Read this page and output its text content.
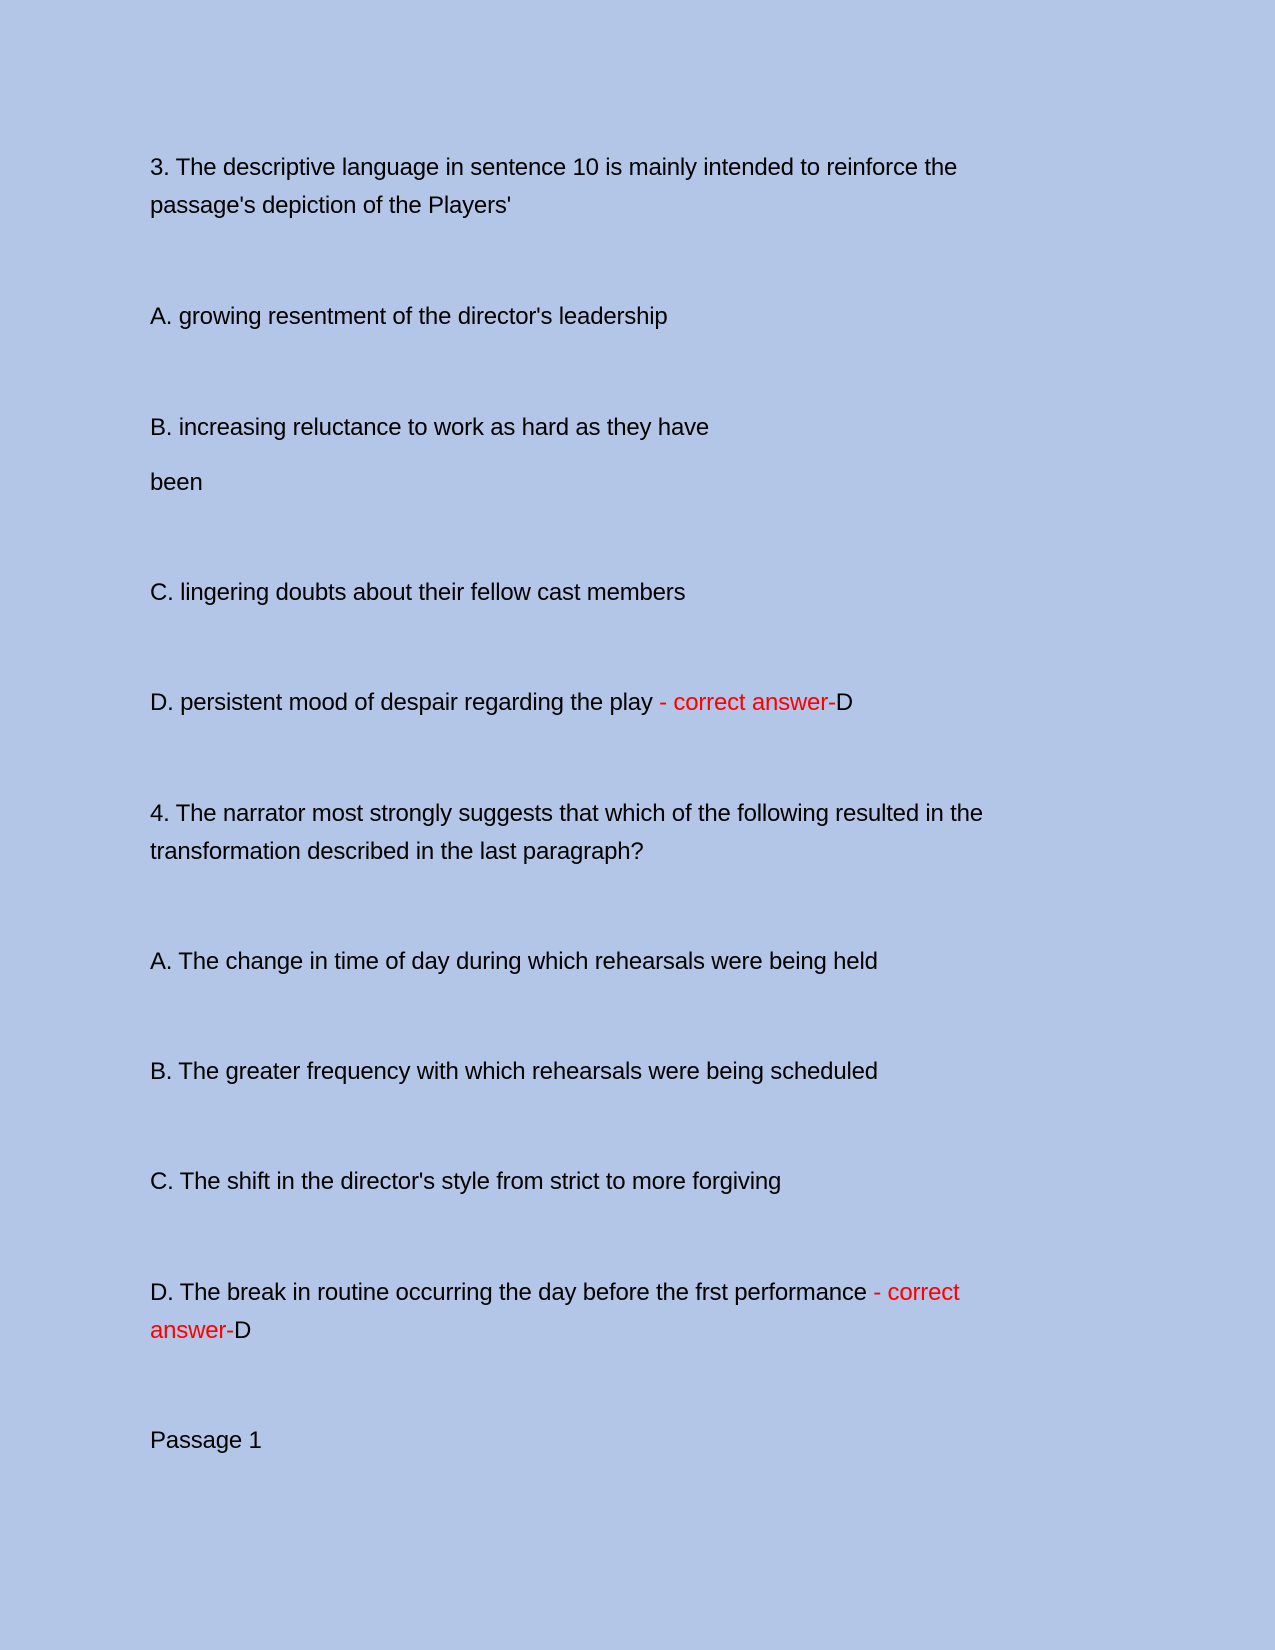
3. The descriptive language in sentence 10 is mainly intended to reinforce the
passage's depiction of the Players'
A. growing resentment of the director's leadership
B. increasing reluctance to work as hard as they have
been
C. lingering doubts about their fellow cast members
D. persistent mood of despair regarding the play - correct answer-D
4. The narrator most strongly suggests that which of the following resulted in the
transformation described in the last paragraph?
A. The change in time of day during which rehearsals were being held
B. The greater frequency with which rehearsals were being scheduled
C. The shift in the director's style from strict to more forgiving
D. The break in routine occurring the day before the frst performance - correct
answer-D
Passage 1
